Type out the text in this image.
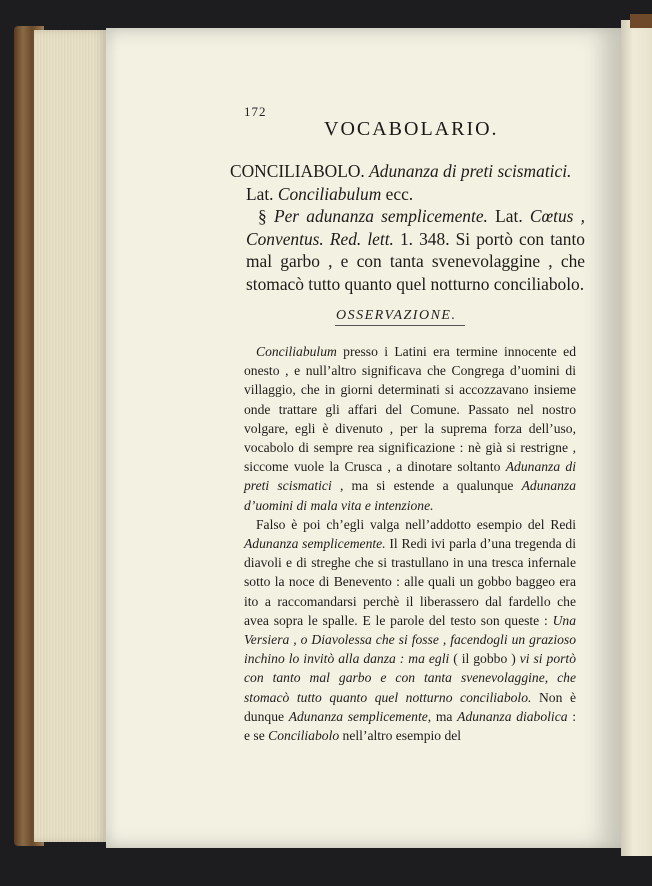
172
VOCABOLARIO.

CONCILIABOLO. Adunanza di preti scismatici.

Lat. Conciliabulum ecc.

§ Per adunanza semplicemente. Lat. Cœtus , Conventus. Red. lett. 1. 348. Si portò con tanto mal garbo , e con tanta svenevolaggine , che stomacò tutto quanto quel notturno conciliabolo.

OSSERVAZIONE.

Conciliabulum presso i Latini era termine innocente ed onesto , e null’altro significava che Congrega d’uomini di villaggio, che in giorni determinati si accozzavano insieme onde trattare gli affari del Comune. Passato nel nostro volgare, egli è divenuto , per la suprema forza dell’uso, vocabolo di sempre rea significazione : nè già si restrigne , siccome vuole la Crusca , a dinotare soltanto Adunanza di preti scismatici , ma si estende a qualunque Adunanza d’uomini di mala vita e intenzione.

Falso è poi ch’egli valga nell’addotto esempio del Redi Adunanza semplicemente. Il Redi ivi parla d’una tregenda di diavoli e di streghe che si trastullano in una tresca infernale sotto la noce di Benevento : alle quali un gobbo baggeo era ito a raccomandarsi perchè il liberassero dal fardello che avea sopra le spalle. E le parole del testo son queste : Una Versiera , o Diavolessa che si fosse , facendogli un grazioso inchino lo invitò alla danza : ma egli ( il gobbo ) vi si portò con tanto mal garbo e con tanta svenevolaggine, che stomacò tutto quanto quel notturno conciliabolo. Non è dunque Adunanza semplicemente, ma Adunanza diabolica : e se Conciliabolo nell’altro esempio del
